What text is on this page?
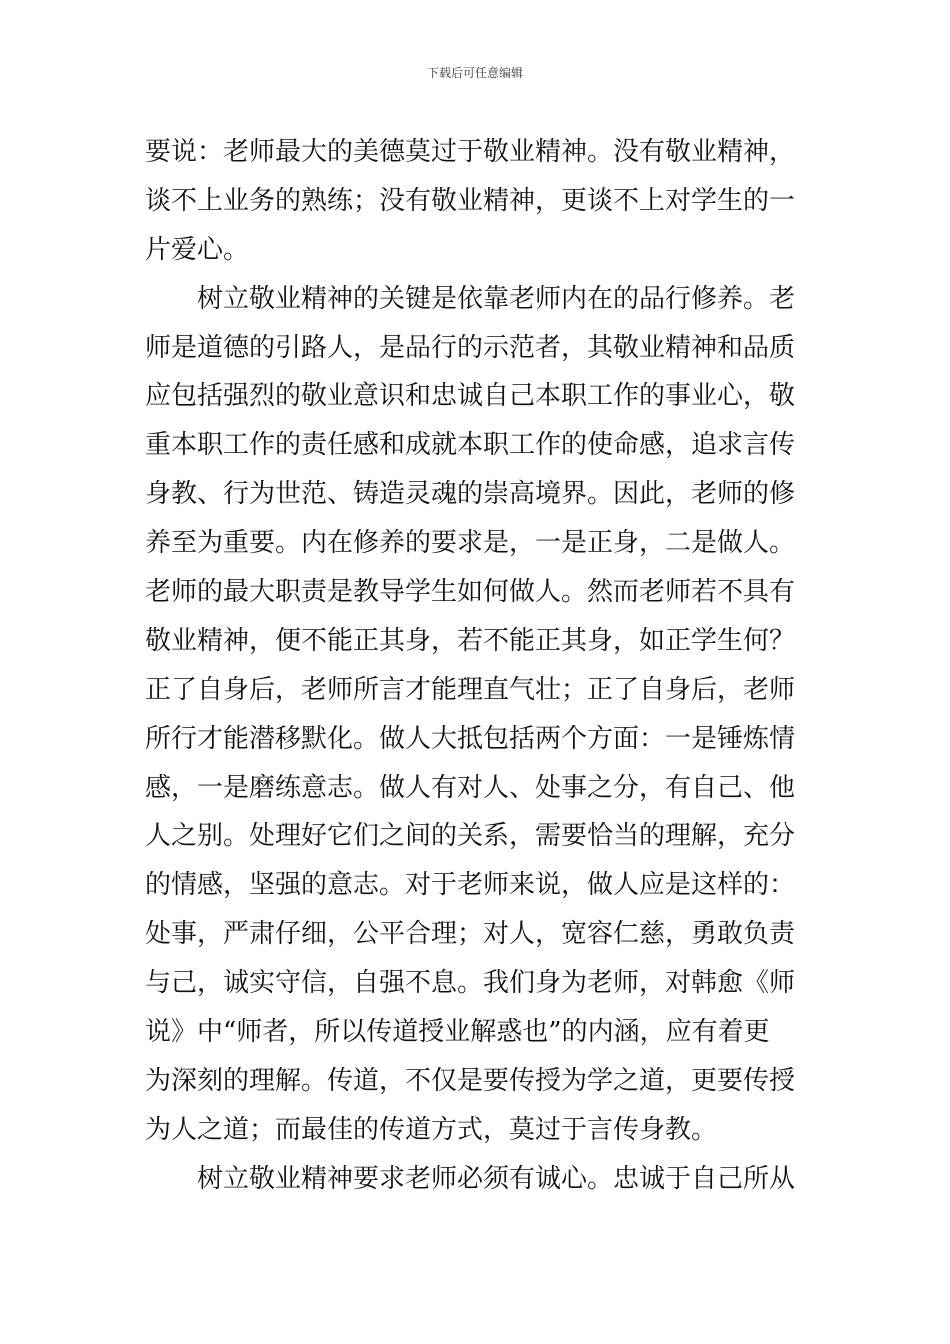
下载后可任意编辑
要说：老师最大的美德莫过于敬业精神。没有敬业精神，
谈不上业务的熟练；没有敬业精神，更谈不上对学生的一
片爱心。
树立敬业精神的关键是依靠老师内在的品行修养。老
师是道德的引路人，是品行的示范者，其敬业精神和品质
应包括强烈的敬业意识和忠诚自己本职工作的事业心，敬
重本职工作的责任感和成就本职工作的使命感，追求言传
身教、行为世范、铸造灵魂的崇高境界。因此，老师的修
养至为重要。内在修养的要求是，一是正身，二是做人。
老师的最大职责是教导学生如何做人。然而老师若不具有
敬业精神，便不能正其身，若不能正其身，如正学生何？
正了自身后，老师所言才能理直气壮；正了自身后，老师
所行才能潜移默化。做人大抵包括两个方面：一是锤炼情
感，一是磨练意志。做人有对人、处事之分，有自己、他
人之别。处理好它们之间的关系，需要恰当的理解，充分
的情感，坚强的意志。对于老师来说，做人应是这样的：
处事，严肃仔细，公平合理；对人，宽容仁慈，勇敢负责
与己，诚实守信，自强不息。我们身为老师，对韩愈《师
说》中“师者，所以传道授业解惑也”的内涵，应有着更
为深刻的理解。传道，不仅是要传授为学之道，更要传授
为人之道；而最佳的传道方式，莫过于言传身教。
树立敬业精神要求老师必须有诚心。忠诚于自己所从
